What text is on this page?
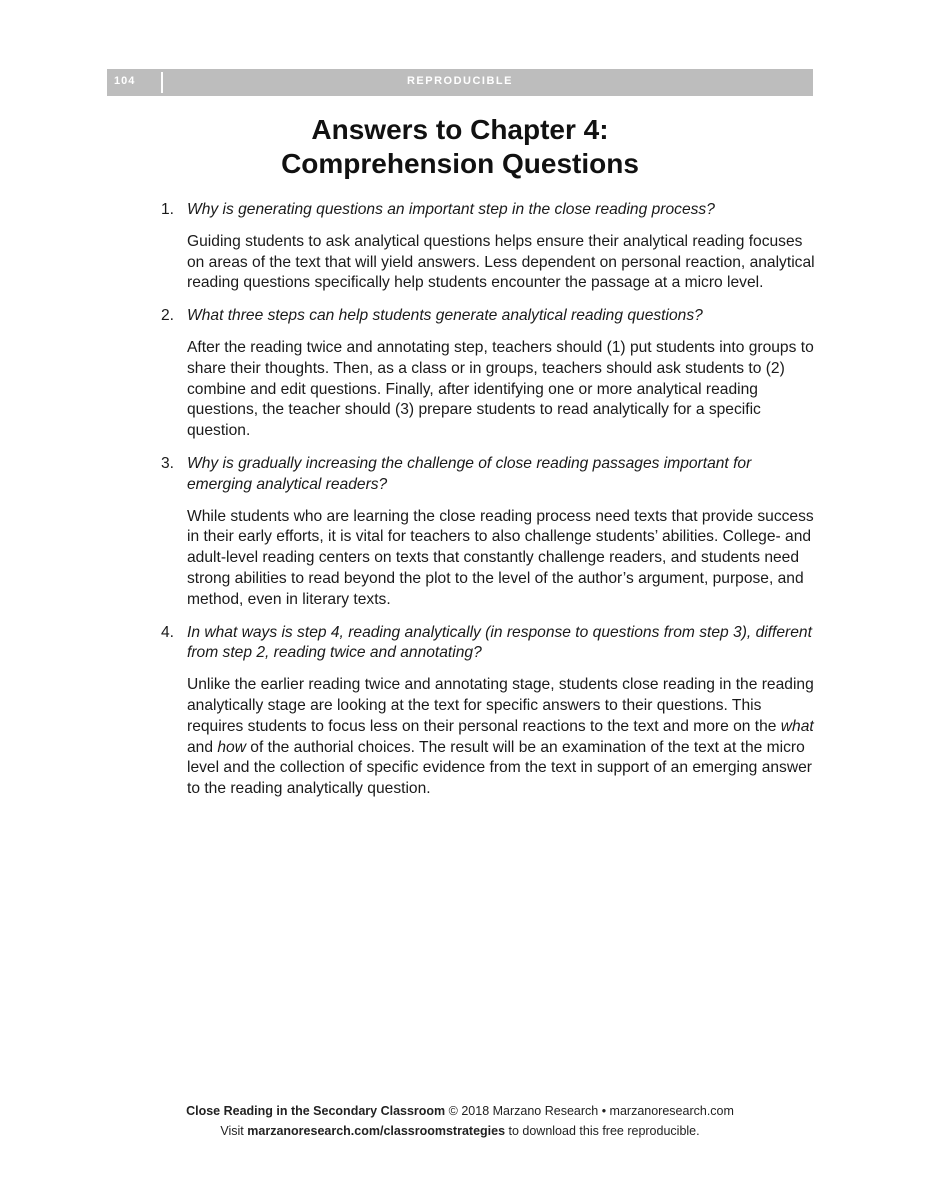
104	REPRODUCIBLE
Answers to Chapter 4:
Comprehension Questions
1. Why is generating questions an important step in the close reading process?

Guiding students to ask analytical questions helps ensure their analytical reading focuses on areas of the text that will yield answers. Less dependent on personal reaction, analytical reading questions specifically help students encounter the passage at a micro level.

2. What three steps can help students generate analytical reading questions?

After the reading twice and annotating step, teachers should (1) put students into groups to share their thoughts. Then, as a class or in groups, teachers should ask students to (2) combine and edit questions. Finally, after identifying one or more analytical reading questions, the teacher should (3) prepare students to read analytically for a specific question.

3. Why is gradually increasing the challenge of close reading passages important for emerging analytical readers?

While students who are learning the close reading process need texts that provide success in their early efforts, it is vital for teachers to also challenge students’ abilities. College- and adult-level reading centers on texts that constantly challenge readers, and students need strong abilities to read beyond the plot to the level of the author’s argument, purpose, and method, even in literary texts.

4. In what ways is step 4, reading analytically (in response to questions from step 3), different from step 2, reading twice and annotating?

Unlike the earlier reading twice and annotating stage, students close reading in the reading analytically stage are looking at the text for specific answers to their questions. This requires students to focus less on their personal reactions to the text and more on the what and how of the authorial choices. The result will be an examination of the text at the micro level and the collection of specific evidence from the text in support of an emerging answer to the reading analytically question.

Close Reading in the Secondary Classroom © 2018 Marzano Research • marzanoresearch.com
Visit marzanoresearch.com/classroomstrategies to download this free reproducible.
